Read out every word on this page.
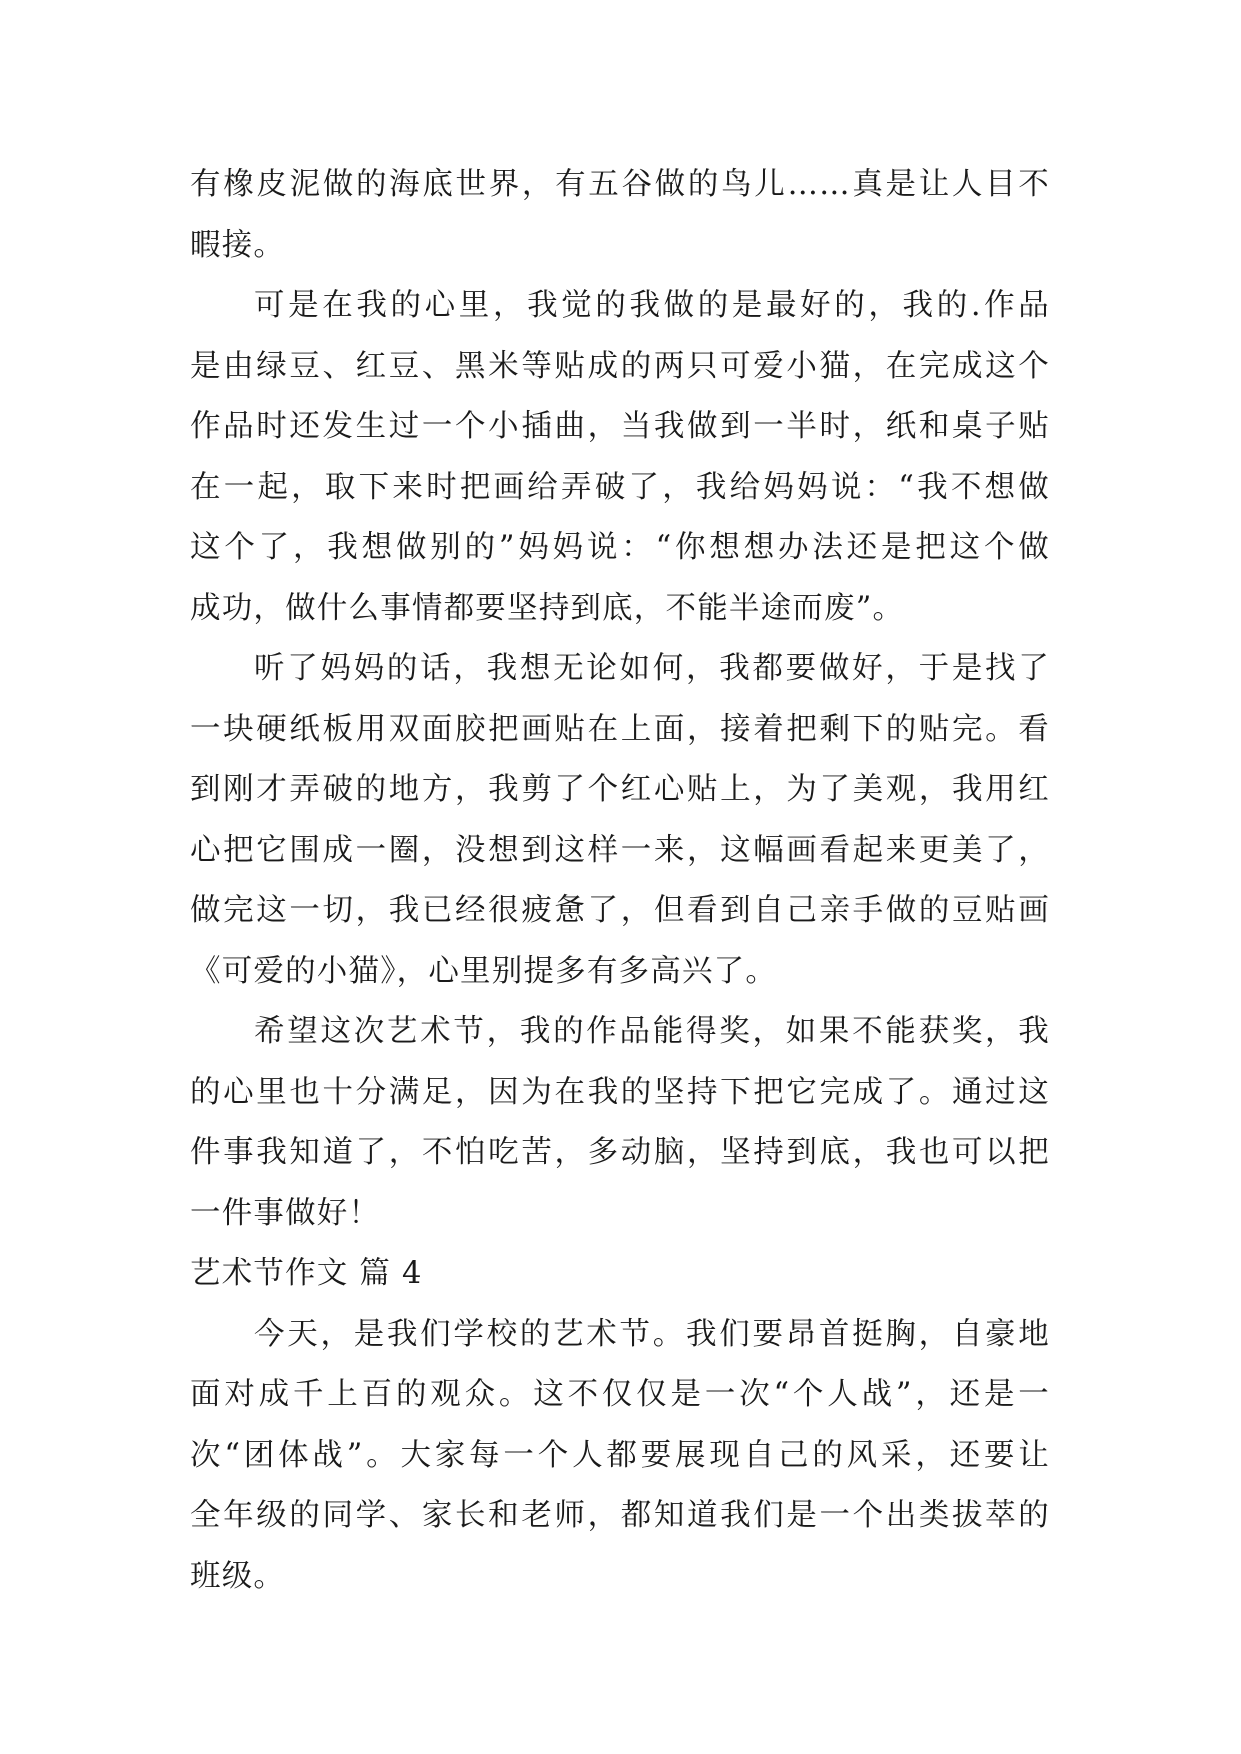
有橡皮泥做的海底世界，有五谷做的鸟儿……真是让人目不
暇接。
可是在我的心里，我觉的我做的是最好的，我的.作品
是由绿豆、红豆、黑米等贴成的两只可爱小猫，在完成这个
作品时还发生过一个小插曲，当我做到一半时，纸和桌子贴
在一起，取下来时把画给弄破了，我给妈妈说：“我不想做
这个了，我想做别的”妈妈说：“你想想办法还是把这个做
成功，做什么事情都要坚持到底，不能半途而废”。
听了妈妈的话，我想无论如何，我都要做好，于是找了
一块硬纸板用双面胶把画贴在上面，接着把剩下的贴完。看
到刚才弄破的地方，我剪了个红心贴上，为了美观，我用红
心把它围成一圈，没想到这样一来，这幅画看起来更美了，
做完这一切，我已经很疲惫了，但看到自己亲手做的豆贴画
《可爱的小猫》，心里别提多有多高兴了。
希望这次艺术节，我的作品能得奖，如果不能获奖，我
的心里也十分满足，因为在我的坚持下把它完成了。通过这
件事我知道了，不怕吃苦，多动脑，坚持到底，我也可以把
一件事做好！
艺术节作文 篇 4
今天，是我们学校的艺术节。我们要昂首挺胸，自豪地
面对成千上百的观众。这不仅仅是一次“个人战”，还是一
次“团体战”。大家每一个人都要展现自己的风采，还要让
全年级的同学、家长和老师，都知道我们是一个出类拔萃的
班级。
